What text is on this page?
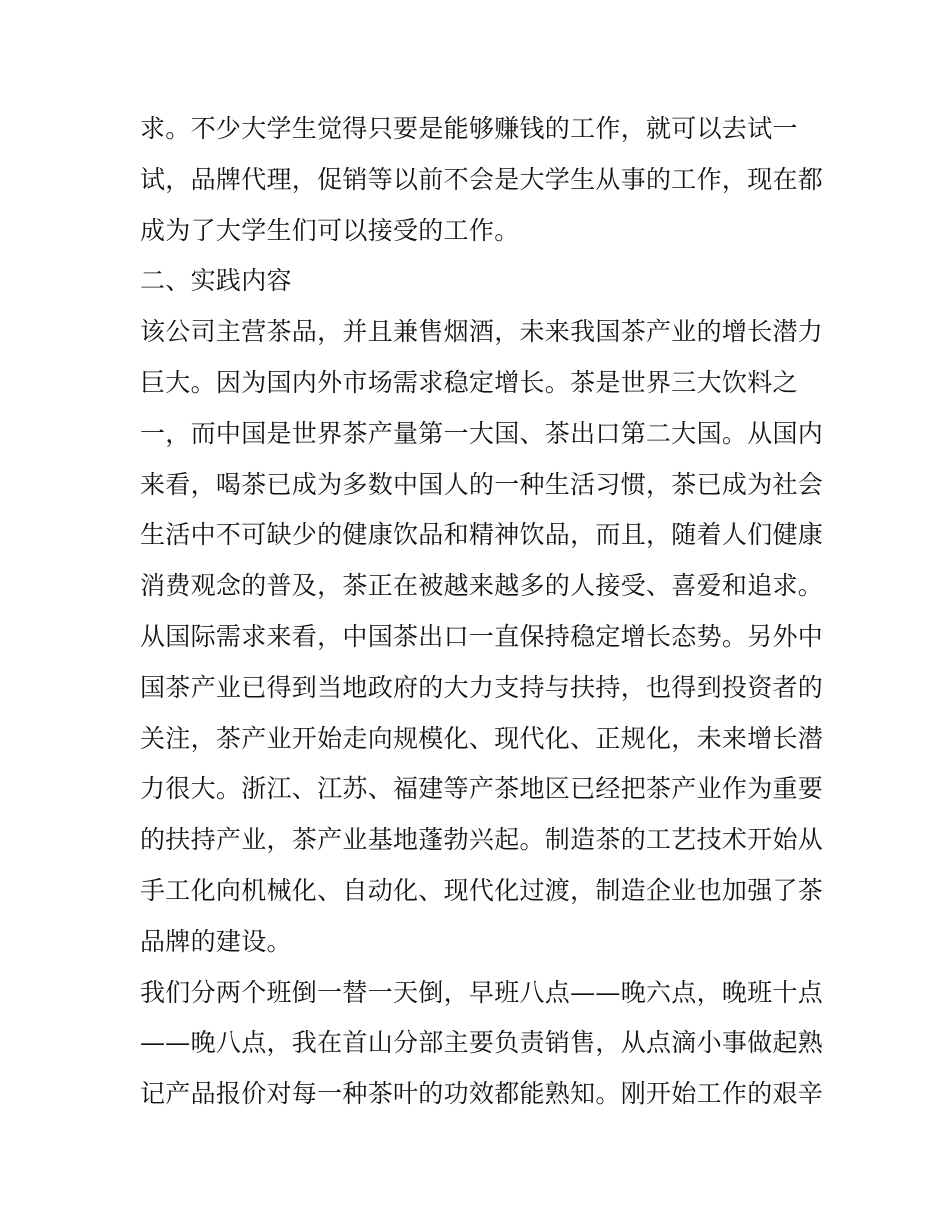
求。不少大学生觉得只要是能够赚钱的工作，就可以去试一
试，品牌代理，促销等以前不会是大学生从事的工作，现在都
成为了大学生们可以接受的工作。
二、实践内容
该公司主营茶品，并且兼售烟酒，未来我国茶产业的增长潜力
巨大。因为国内外市场需求稳定增长。茶是世界三大饮料之
一，而中国是世界茶产量第一大国、茶出口第二大国。从国内
来看，喝茶已成为多数中国人的一种生活习惯，茶已成为社会
生活中不可缺少的健康饮品和精神饮品，而且，随着人们健康
消费观念的普及，茶正在被越来越多的人接受、喜爱和追求。
从国际需求来看，中国茶出口一直保持稳定增长态势。另外中
国茶产业已得到当地政府的大力支持与扶持，也得到投资者的
关注，茶产业开始走向规模化、现代化、正规化，未来增长潜
力很大。浙江、江苏、福建等产茶地区已经把茶产业作为重要
的扶持产业，茶产业基地蓬勃兴起。制造茶的工艺技术开始从
手工化向机械化、自动化、现代化过渡，制造企业也加强了茶
品牌的建设。
我们分两个班倒一替一天倒，早班八点——晚六点，晚班十点
——晚八点，我在首山分部主要负责销售，从点滴小事做起熟
记产品报价对每一种茶叶的功效都能熟知。刚开始工作的艰辛
